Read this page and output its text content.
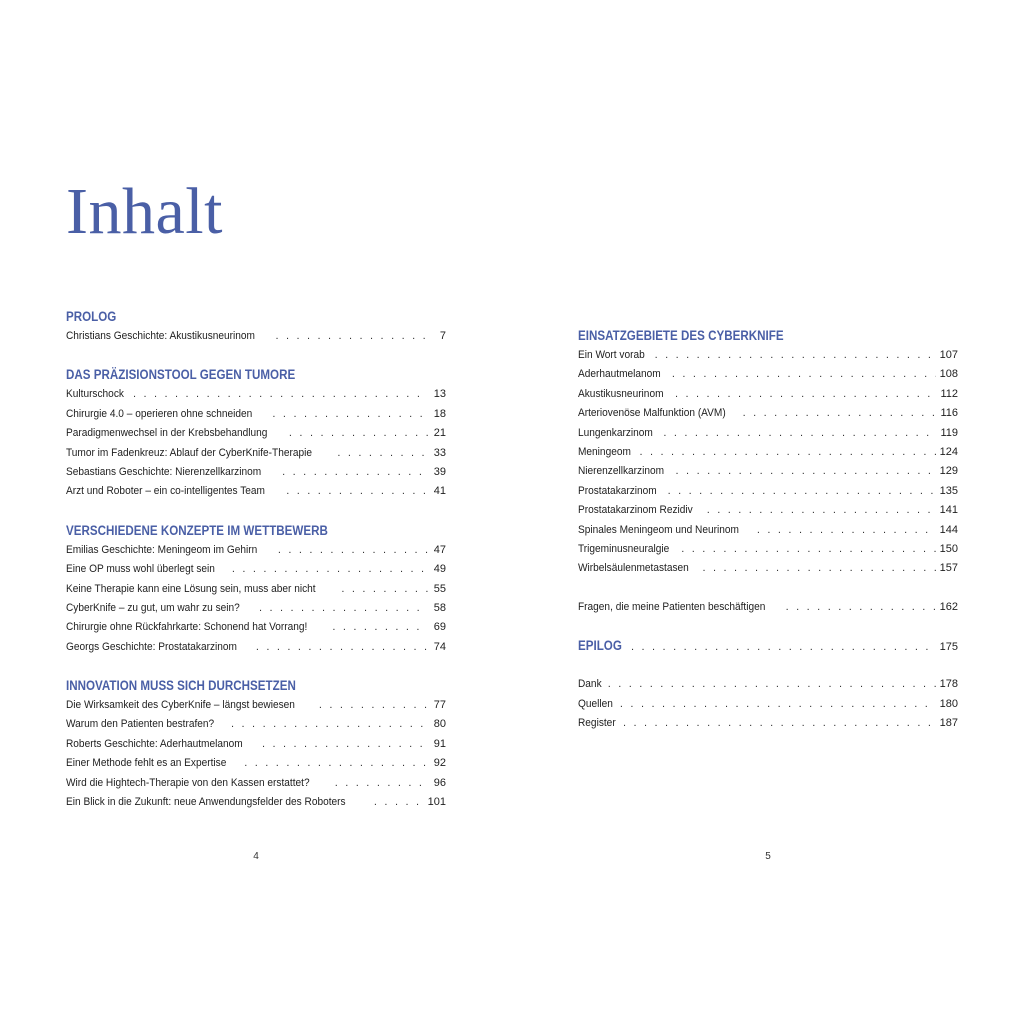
Inhalt
PROLOG
Christians Geschichte: Akustikusneurinom . . .	7
DAS PRÄZISIONSTOOL GEGEN TUMORE
Kulturschock . . .	13
Chirurgie 4.0 – operieren ohne schneiden . . .	18
Paradigmenwechsel in der Krebsbehandlung . . .	21
Tumor im Fadenkreuz: Ablauf der CyberKnife-Therapie . . .	33
Sebastians Geschichte: Nierenzellkarzinom . . .	39
Arzt und Roboter – ein co-intelligentes Team . . .	41
VERSCHIEDENE KONZEPTE IM WETTBEWERB
Emilias Geschichte: Meningeom im Gehirn . . .	47
Eine OP muss wohl überlegt sein . . .	49
Keine Therapie kann eine Lösung sein, muss aber nicht . . .	55
CyberKnife – zu gut, um wahr zu sein? . . .	58
Chirurgie ohne Rückfahrkarte: Schonend hat Vorrang! . . .	69
Georgs Geschichte: Prostatakarzinom . . .	74
INNOVATION MUSS SICH DURCHSETZEN
Die Wirksamkeit des CyberKnife – längst bewiesen . . .	77
Warum den Patienten bestrafen? . . .	80
Roberts Geschichte: Aderhautmelanom . . .	91
Einer Methode fehlt es an Expertise . . .	92
Wird die Hightech-Therapie von den Kassen erstattet? . . .	96
Ein Blick in die Zukunft: neue Anwendungsfelder des Roboters . . .	101
EINSATZGEBIETE DES CYBERKNIFE
Ein Wort vorab . . .	107
Aderhautmelanom . . .	108
Akustikusneurinom . . .	112
Arteriovenöse Malfunktion (AVM) . . .	116
Lungenkarzinom . . .	119
Meningeom . . .	124
Nierenzellkarzinom . . .	129
Prostatakarzinom . . .	135
Prostatakarzinom Rezidiv . . .	141
Spinales Meningeom und Neurinom . . .	144
Trigeminusneuralgie . . .	150
Wirbelsäulenmetastasen . . .	157
Fragen, die meine Patienten beschäftigen . . .	162
EPILOG . . .	175
Dank . . .	178
Quellen . . .	180
Register . . .	187
4	5
